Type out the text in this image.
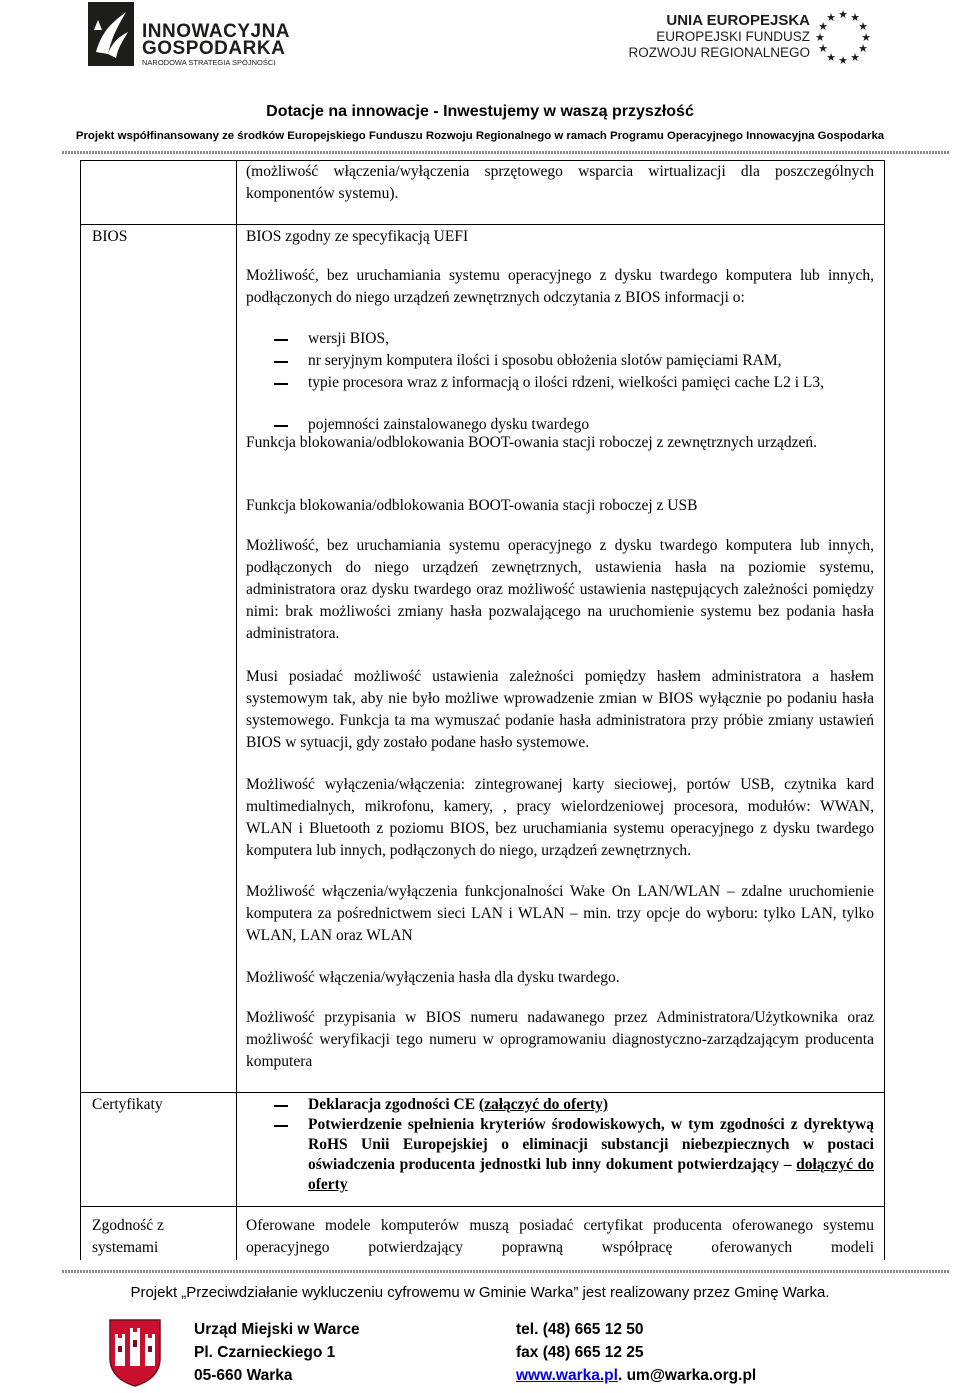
INNOWACYJNA
GOSPODARKA
NARODOWA STRATEGIA SPÓJNOŚCI
UNIA EUROPEJSKA
EUROPEJSKI FUNDUSZ
ROZWOJU REGIONALNEGO
★ ★
★
★
★
★
★
★
★
★
★
★
Dotacje na innowacje - Inwestujemy w waszą przyszłość
Projekt współfinansowany ze środków Europejskiego Funduszu Rozwoju Regionalnego w ramach Programu Operacyjnego Innowacyjna Gospodarka
(możliwość włączenia/wyłączenia sprzętowego wsparcia wirtualizacji dla poszczególnych komponentów systemu).
BIOS	BIOS zgodny ze specyfikacją UEFI
Możliwość, bez uruchamiania systemu operacyjnego z dysku twardego komputera lub innych, podłączonych do niego urządzeń zewnętrznych odczytania z BIOS informacji o:
wersji BIOS,
nr seryjnym komputera ilości i sposobu obłożenia slotów pamięciami RAM,
typie procesora wraz z informacją o ilości rdzeni, wielkości pamięci cache L2 i L3,
pojemności zainstalowanego dysku twardego
Funkcja blokowania/odblokowania BOOT-owania stacji roboczej z zewnętrznych urządzeń.
Funkcja blokowania/odblokowania BOOT-owania stacji roboczej z USB
Możliwość, bez uruchamiania systemu operacyjnego z dysku twardego komputera lub innych, podłączonych do niego urządzeń zewnętrznych, ustawienia hasła na poziomie systemu, administratora oraz dysku twardego oraz możliwość ustawienia następujących zależności pomiędzy nimi: brak możliwości zmiany hasła pozwalającego na uruchomienie systemu bez podania hasła administratora.
Musi posiadać możliwość ustawienia zależności pomiędzy hasłem administratora a hasłem systemowym tak, aby nie było możliwe wprowadzenie zmian w BIOS wyłącznie po podaniu hasła systemowego. Funkcja ta ma wymuszać podanie hasła administratora przy próbie zmiany ustawień BIOS w sytuacji, gdy zostało podane hasło systemowe.
Możliwość wyłączenia/włączenia: zintegrowanej karty sieciowej, portów USB, czytnika kard multimedialnych, mikrofonu, kamery, , pracy wielordzeniowej procesora, modułów: WWAN, WLAN i Bluetooth z poziomu BIOS, bez uruchamiania systemu operacyjnego z dysku twardego komputera lub innych, podłączonych do niego, urządzeń zewnętrznych.
Możliwość włączenia/wyłączenia funkcjonalności Wake On LAN/WLAN – zdalne uruchomienie komputera za pośrednictwem sieci LAN i WLAN – min. trzy opcje do wyboru: tylko LAN, tylko WLAN, LAN oraz WLAN
Możliwość włączenia/wyłączenia hasła dla dysku twardego.
Możliwość przypisania w BIOS numeru nadawanego przez Administratora/Użytkownika oraz możliwość weryfikacji tego numeru w oprogramowaniu diagnostyczno-zarządzającym producenta komputera
Certyfikaty	Deklaracja zgodności CE (załączyć do oferty)
Potwierdzenie spełnienia kryteriów środowiskowych, w tym zgodności z dyrektywą RoHS Unii Europejskiej o eliminacji substancji niebezpiecznych w postaci oświadczenia producenta jednostki lub inny dokument potwierdzający – dołączyć do oferty
Zgodność z systemami
Oferowane modele komputerów muszą posiadać certyfikat producenta oferowanego systemu operacyjnego potwierdzający poprawną współpracę oferowanych modeli
Projekt „Przeciwdziałanie wykluczeniu cyfrowemu w Gminie Warka” jest realizowany przez Gminę Warka.
Urząd Miejski w Warce
Pl. Czarnieckiego 1
05-660 Warka
tel. (48) 665 12 50
fax (48) 665 12 25
www.warka.pl. um@warka.org.pl
